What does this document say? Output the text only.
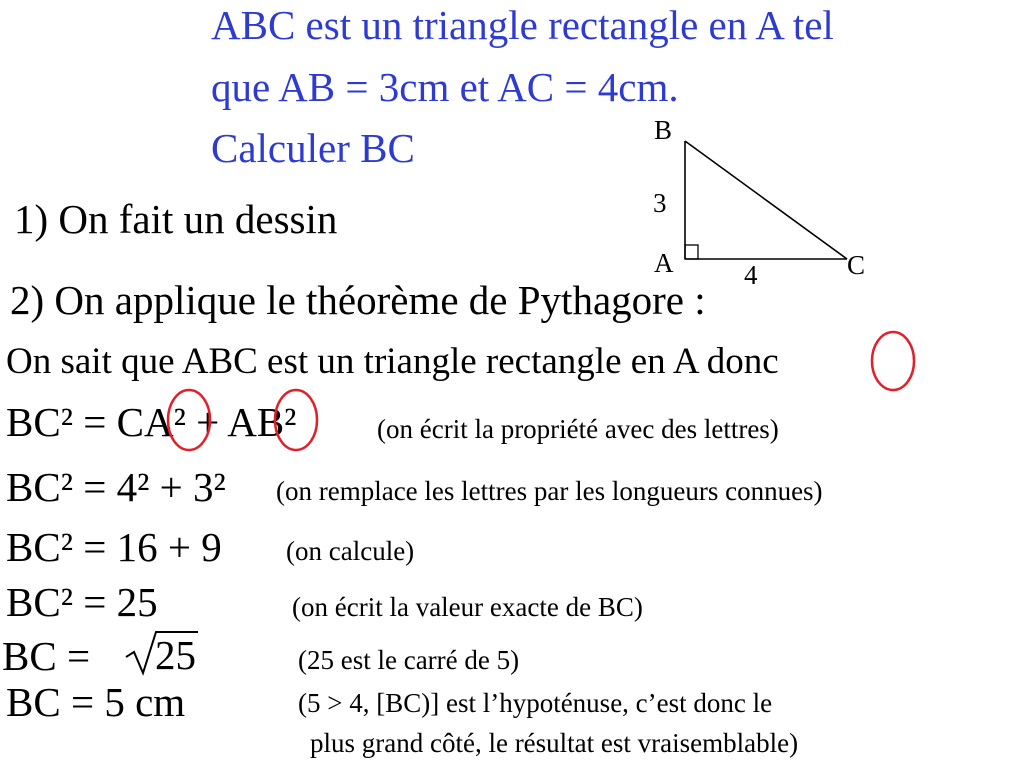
ABC est un triangle rectangle en A tel
que AB = 3cm et AC = 4cm.
Calculer BC
1) On fait un dessin
2) On applique le théorème de Pythagore :
B
3
A	4	C
On sait que ABC est un triangle rectangle en A donc
BC² = CA² + AB²	(on écrit la propriété avec des lettres)
BC² = 4² + 3² (on remplace les lettres par les longueurs connues)
BC² = 16 + 9 (on calcule)
BC² = 25	(on écrit la valeur exacte de BC)
BC = 25	(25 est le carré de 5)
BC = 5 cm	(5 > 4, [BC)] est l’hypoténuse, c’est donc le
plus grand côté, le résultat est vraisemblable)
